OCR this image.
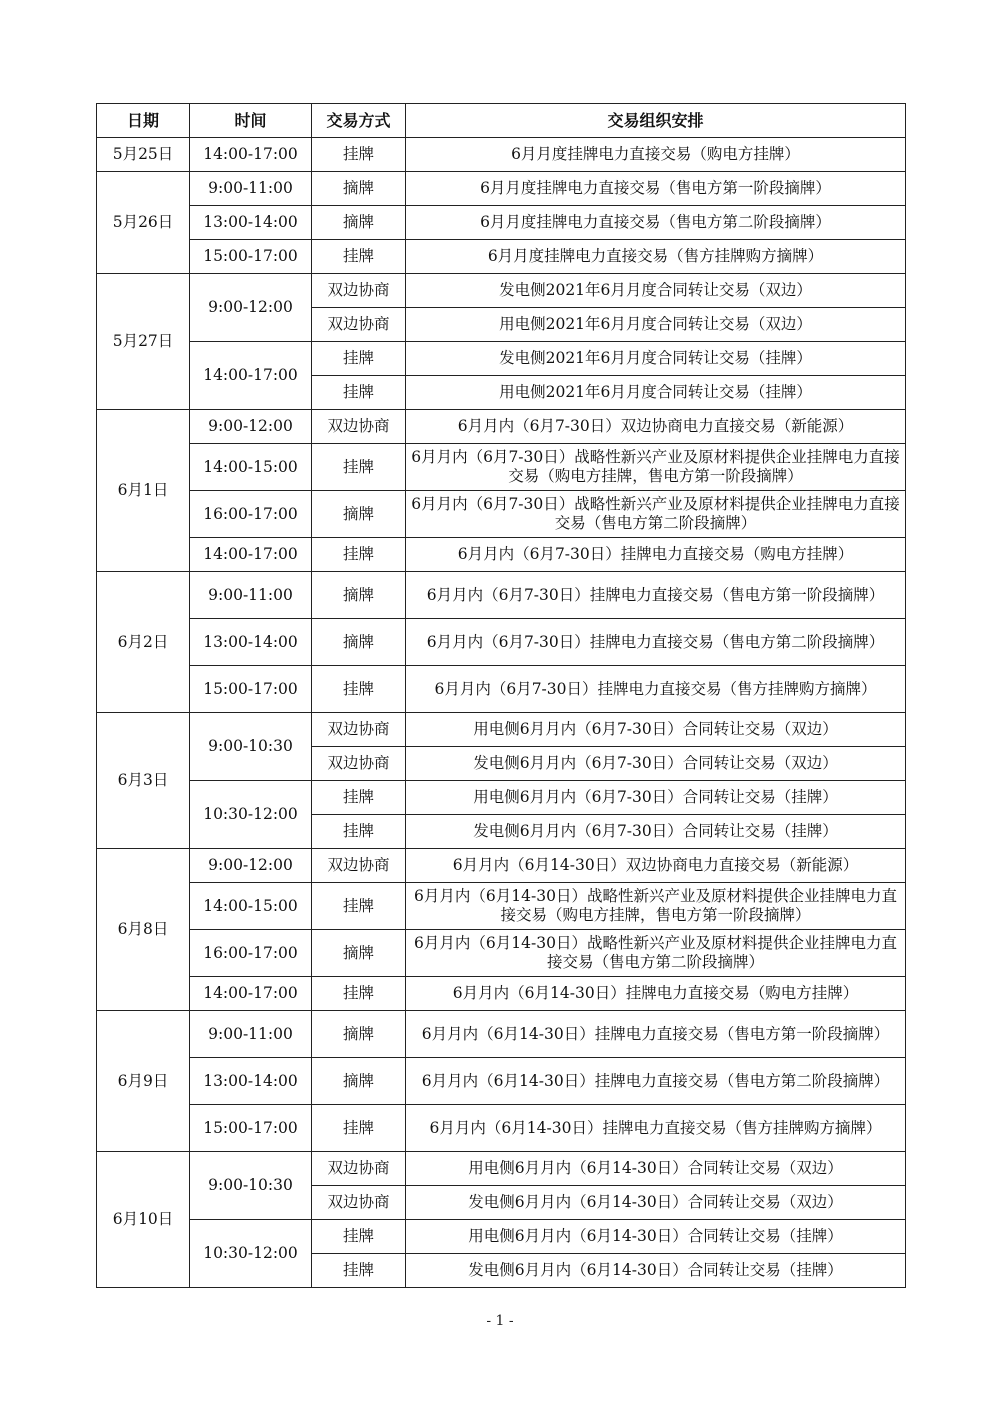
日期	时间	交易方式	交易组织安排
5月25日	14:00-17:00	挂牌	6月月度挂牌电力直接交易（购电方挂牌）
5月26日	9:00-11:00	摘牌	6月月度挂牌电力直接交易（售电方第一阶段摘牌）
	13:00-14:00	摘牌	6月月度挂牌电力直接交易（售电方第二阶段摘牌）
	15:00-17:00	挂牌	6月月度挂牌电力直接交易（售方挂牌购方摘牌）
5月27日	9:00-12:00	双边协商	发电侧2021年6月月度合同转让交易（双边）
		双边协商	用电侧2021年6月月度合同转让交易（双边）
	14:00-17:00	挂牌	发电侧2021年6月月度合同转让交易（挂牌）
		挂牌	用电侧2021年6月月度合同转让交易（挂牌）
6月1日	9:00-12:00	双边协商	6月月内（6月7-30日）双边协商电力直接交易（新能源）
	14:00-15:00	挂牌	6月月内（6月7-30日）战略性新兴产业及原材料提供企业挂牌电力直接交易（购电方挂牌，售电方第一阶段摘牌）
	16:00-17:00	摘牌	6月月内（6月7-30日）战略性新兴产业及原材料提供企业挂牌电力直接交易（售电方第二阶段摘牌）
	14:00-17:00	挂牌	6月月内（6月7-30日）挂牌电力直接交易（购电方挂牌）
6月2日	9:00-11:00	摘牌	6月月内（6月7-30日）挂牌电力直接交易（售电方第一阶段摘牌）
	13:00-14:00	摘牌	6月月内（6月7-30日）挂牌电力直接交易（售电方第二阶段摘牌）
	15:00-17:00	挂牌	6月月内（6月7-30日）挂牌电力直接交易（售方挂牌购方摘牌）
6月3日	9:00-10:30	双边协商	用电侧6月月内（6月7-30日）合同转让交易（双边）
		双边协商	发电侧6月月内（6月7-30日）合同转让交易（双边）
	10:30-12:00	挂牌	用电侧6月月内（6月7-30日）合同转让交易（挂牌）
		挂牌	发电侧6月月内（6月7-30日）合同转让交易（挂牌）
6月8日	9:00-12:00	双边协商	6月月内（6月14-30日）双边协商电力直接交易（新能源）
	14:00-15:00	挂牌	6月月内（6月14-30日）战略性新兴产业及原材料提供企业挂牌电力直接交易（购电方挂牌，售电方第一阶段摘牌）
	16:00-17:00	摘牌	6月月内（6月14-30日）战略性新兴产业及原材料提供企业挂牌电力直接交易（售电方第二阶段摘牌）
	14:00-17:00	挂牌	6月月内（6月14-30日）挂牌电力直接交易（购电方挂牌）
6月9日	9:00-11:00	摘牌	6月月内（6月14-30日）挂牌电力直接交易（售电方第一阶段摘牌）
	13:00-14:00	摘牌	6月月内（6月14-30日）挂牌电力直接交易（售电方第二阶段摘牌）
	15:00-17:00	挂牌	6月月内（6月14-30日）挂牌电力直接交易（售方挂牌购方摘牌）
6月10日	9:00-10:30	双边协商	用电侧6月月内（6月14-30日）合同转让交易（双边）
		双边协商	发电侧6月月内（6月14-30日）合同转让交易（双边）
	10:30-12:00	挂牌	用电侧6月月内（6月14-30日）合同转让交易（挂牌）
		挂牌	发电侧6月月内（6月14-30日）合同转让交易（挂牌）
- 1 -
